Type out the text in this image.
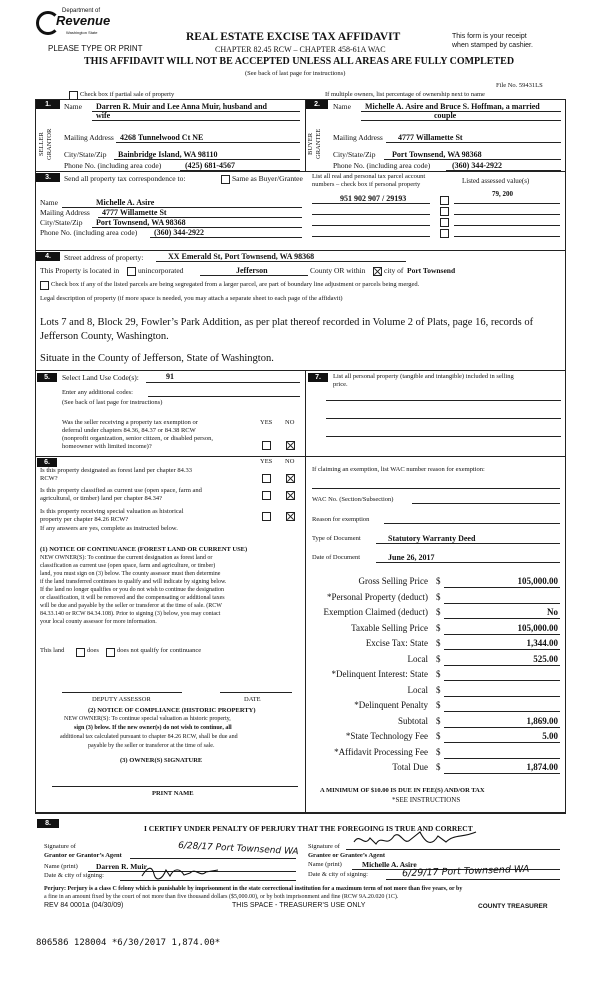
Department of
Revenue
Washington State
PLEASE TYPE OR PRINT
REAL ESTATE EXCISE TAX AFFIDAVIT
CHAPTER 82.45 RCW – CHAPTER 458-61A WAC
This form is your receipt
when stamped by cashier.
THIS AFFIDAVIT WILL NOT BE ACCEPTED UNLESS ALL AREAS ARE FULLY COMPLETED
(See back of last page for instructions)
File No. 59431LS
Check box if partial sale of property	If multiple owners, list percentage of ownership next to name
1.	2.
SELLER GRANTOR	BUYER GRANTEE
Name Darren R. Muir and Lee Anna Muir, husband and
wife
Mailing Address 4268 Tunnelwood Ct NE
City/State/Zip Bainbridge Island, WA 98110
Phone No. (including area code)	(425) 681-4567
Name Michelle A. Asire and Bruce S. Hoffman, a married
couple
Mailing Address 4777 Willamette St
City/State/Zip Port Townsend, WA 98368
Phone No. (including area code)	(360) 344-2922
3.	Send all property tax correspondence to:	Same as Buyer/Grantee List all real and personal tax parcel account
numbers – check box if personal property	Listed assessed value(s)
Name	Michelle A. Asire
Mailing Address 4777 Willamette St
City/State/Zip Port Townsend, WA 98368
Phone No. (including area code) (360) 344-2922
951 902 907 / 29193	79, 200
4.	Street address of property:	XX Emerald St, Port Townsend, WA 98368
This Property is located in	unincorporated	Jefferson	County OR within city of Port Townsend
Check box if any of the listed parcels are being segregated from a larger parcel, are part of boundary line adjustment or parcels being merged.
Legal description of property (if more space is needed, you may attach a separate sheet to each page of the affidavit)
Lots 7 and 8, Block 29, Fowler’s Park Addition, as per plat thereof recorded in Volume 2 of Plats, page 16, records of
Jefferson County, Washington.
Situate in the County of Jefferson, State of Washington.
5.	Select Land Use Code(s):	91
Enter any additional codes:
(See back of last page for instructions)
YES NO
Was the seller receiving a property tax exemption or
deferral under chapters 84.36, 84.37 or 84.38 RCW
(nonprofit organization, senior citizen, or disabled person,
homeowner with limited income)?
7.	List all personal property (tangible and intangible) included in selling
price.
6.	YES NO
Is this property designated as forest land per chapter 84.33
RCW?
Is this property classified as current use (open space, farm and
agricultural, or timber) land per chapter 84.34?
Is this property receiving special valuation as historical
property per chapter 84.26 RCW?
If any answers are yes, complete as instructed below.
(1) NOTICE OF CONTINUANCE (FOREST LAND OR CURRENT USE)
NEW OWNER(S): To continue the current designation as forest land or
classification as current use (open space, farm and agriculture, or timber)
land, you must sign on (3) below. The county assessor must then determine
if the land transferred continues to qualify and will indicate by signing below.
If the land no longer qualifies or you do not wish to continue the designation
or classification, it will be removed and the compensating or additional taxes
will be due and payable by the seller or transferor at the time of sale. (RCW
84.33.140 or RCW 84.34.108). Prior to signing (3) below, you may contact
your local county assessor for more information.
This land	does	does not qualify for continuance
DEPUTY ASSESSOR	DATE
(2) NOTICE OF COMPLIANCE (HISTORIC PROPERTY)
NEW OWNER(S): To continue special valuation as historic property,
sign (3) below. If the new owner(s) do not wish to continue, all
additional tax calculated pursuant to chapter 84.26 RCW, shall be due and
payable by the seller or transferor at the time of sale.
(3) OWNER(S) SIGNATURE
PRINT NAME
If claiming an exemption, list WAC number reason for exemption:
WAC No. (Section/Subsection)
Reason for exemption
Type of Document	Statutory Warranty Deed
Date of Document	June 26, 2017
Gross Selling Price $	105,000.00
*Personal Property (deduct) $
Exemption Claimed (deduct) $	No
Taxable Selling Price $	105,000.00
Excise Tax: State $	1,344.00
Local $	525.00
*Delinquent Interest: State $
Local $
*Delinquent Penalty $
Subtotal $	1,869.00
*State Technology Fee $	5.00
*Affidavit Processing Fee $
Total Due $	1,874.00
A MINIMUM OF $10.00 IS DUE IN FEE(S) AND/OR TAX
*SEE INSTRUCTIONS
8.
I CERTIFY UNDER PENALTY OF PERJURY THAT THE FOREGOING IS TRUE AND CORRECT
Signature of
Grantor or Grantor’s Agent
Name (print) Darren R. Muir
Date & city of signing:
6/28/17 Port Townsend WA Signature of
Grantee or Grantee’s Agent
Name (print)	Michelle A. Asire
Date & city of signing:	6/29/17 Port Townsend WA
Perjury: Perjury is a class C felony which is punishable by imprisonment in the state correctional institution for a maximum term of not more than five years, or by
a fine in an amount fixed by the court of not more than five thousand dollars ($5,000.00), or by both imprisonment and fine (RCW 9A.20.020 (1C).
REV 84 0001a (04/30/09)	THIS SPACE - TREASURER’S USE ONLY	COUNTY TREASURER
806586 128004 *6/30/2017 1,874.00*
